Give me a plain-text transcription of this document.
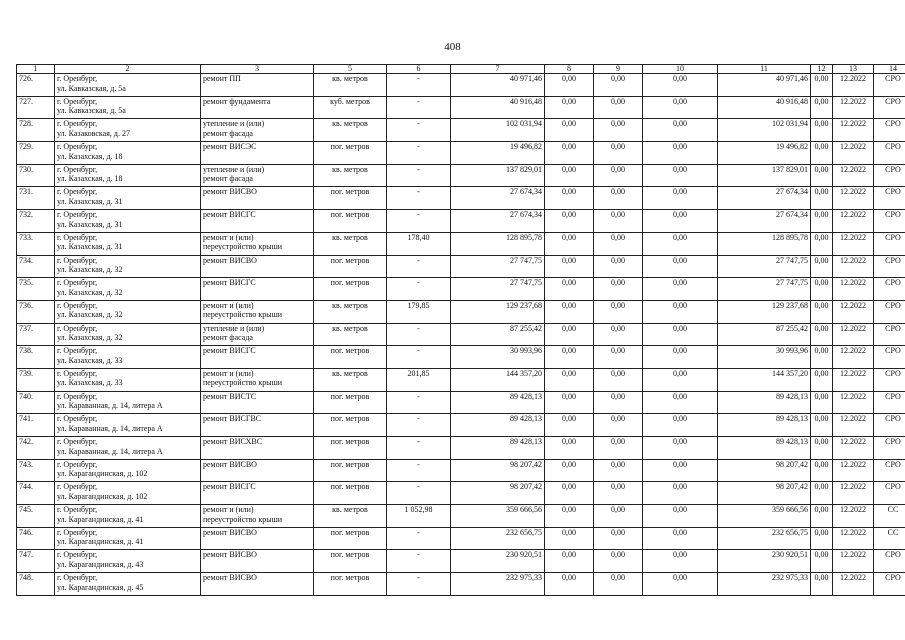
408
1	2	3	5	6	7	8	9	10	11	12	13	14
726.	г. Оренбург,
ул. Кавказская, д. 5а	ремонт ПП	кв. метров	-	40 971,46	0,00	0,00	0,00	40 971,46	0,00	12.2022	СРО
727.	г. Оренбург,
ул. Кавказская, д. 5а	ремонт фундамента	куб. метров	-	40 916,48	0,00	0,00	0,00	40 916,48	0,00	12.2022	СРО
728.	г. Оренбург,
ул. Казаковская, д. 27	утепление и (или)
ремонт фасада	кв. метров	-	102 031,94	0,00	0,00	0,00	102 031,94	0,00	12.2022	СРО
729.	г. Оренбург,
ул. Казахская, д. 18	ремонт ВИСЭС	пог. метров	-	19 496,82	0,00	0,00	0,00	19 496,82	0,00	12.2022	СРО
730.	г. Оренбург,
ул. Казахская, д. 18	утепление и (или)
ремонт фасада	кв. метров	-	137 829,01	0,00	0,00	0,00	137 829,01	0,00	12.2022	СРО
731.	г. Оренбург,
ул. Казахская, д. 31	ремонт ВИСВО	пог. метров	-	27 674,34	0,00	0,00	0,00	27 674,34	0,00	12.2022	СРО
732.	г. Оренбург,
ул. Казахская, д. 31	ремонт ВИСГС	пог. метров	-	27 674,34	0,00	0,00	0,00	27 674,34	0,00	12.2022	СРО
733.	г. Оренбург,
ул. Казахская, д. 31	ремонт и (или)
переустройство крыши	кв. метров	178,40	128 895,78	0,00	0,00	0,00	128 895,78	0,00	12.2022	СРО
734.	г. Оренбург,
ул. Казахская, д. 32	ремонт ВИСВО	пог. метров	-	27 747,75	0,00	0,00	0,00	27 747,75	0,00	12.2022	СРО
735.	г. Оренбург,
ул. Казахская, д. 32	ремонт ВИСГС	пог. метров	-	27 747,75	0,00	0,00	0,00	27 747,75	0,00	12.2022	СРО
736.	г. Оренбург,
ул. Казахская, д. 32	ремонт и (или)
переустройство крыши	кв. метров	179,85	129 237,68	0,00	0,00	0,00	129 237,68	0,00	12.2022	СРО
737.	г. Оренбург,
ул. Казахская, д. 32	утепление и (или)
ремонт фасада	кв. метров	-	87 255,42	0,00	0,00	0,00	87 255,42	0,00	12.2022	СРО
738.	г. Оренбург,
ул. Казахская, д. 33	ремонт ВИСГС	пог. метров	-	30 993,96	0,00	0,00	0,00	30 993,96	0,00	12.2022	СРО
739.	г. Оренбург,
ул. Казахская, д. 33	ремонт и (или)
переустройство крыши	кв. метров	201,85	144 357,20	0,00	0,00	0,00	144 357,20	0,00	12.2022	СРО
740.	г. Оренбург,
ул. Караванная, д. 14, литера А	ремонт ВИСТС	пог. метров	-	89 428,13	0,00	0,00	0,00	89 428,13	0,00	12.2022	СРО
741.	г. Оренбург,
ул. Караванная, д. 14, литера А	ремонт ВИСГВС	пог. метров	-	89 428,13	0,00	0,00	0,00	89 428,13	0,00	12.2022	СРО
742.	г. Оренбург,
ул. Караванная, д. 14, литера А	ремонт ВИСХВС	пог. метров	-	89 428,13	0,00	0,00	0,00	89 428,13	0,00	12.2022	СРО
743.	г. Оренбург,
ул. Карагандинская, д. 102	ремонт ВИСВО	пог. метров	-	98 207,42	0,00	0,00	0,00	98 207,42	0,00	12.2022	СРО
744.	г. Оренбург,
ул. Карагандинская, д. 102	ремонт ВИСГС	пог. метров	-	98 207,42	0,00	0,00	0,00	98 207,42	0,00	12.2022	СРО
745.	г. Оренбург,
ул. Карагандинская, д. 41	ремонт и (или)
переустройство крыши	кв. метров	1 052,98	359 666,56	0,00	0,00	0,00	359 666,56	0,00	12.2022	СС
746.	г. Оренбург,
ул. Карагандинская, д. 41	ремонт ВИСВО	пог. метров	-	232 656,75	0,00	0,00	0,00	232 656,75	0,00	12.2022	СС
747.	г. Оренбург,
ул. Карагандинская, д. 43	ремонт ВИСВО	пог. метров	-	230 920,51	0,00	0,00	0,00	230 920,51	0,00	12.2022	СРО
748.	г. Оренбург,
ул. Карагандинская, д. 45	ремонт ВИСВО	пог. метров	-	232 975,33	0,00	0,00	0,00	232 975,33	0,00	12.2022	СРО
